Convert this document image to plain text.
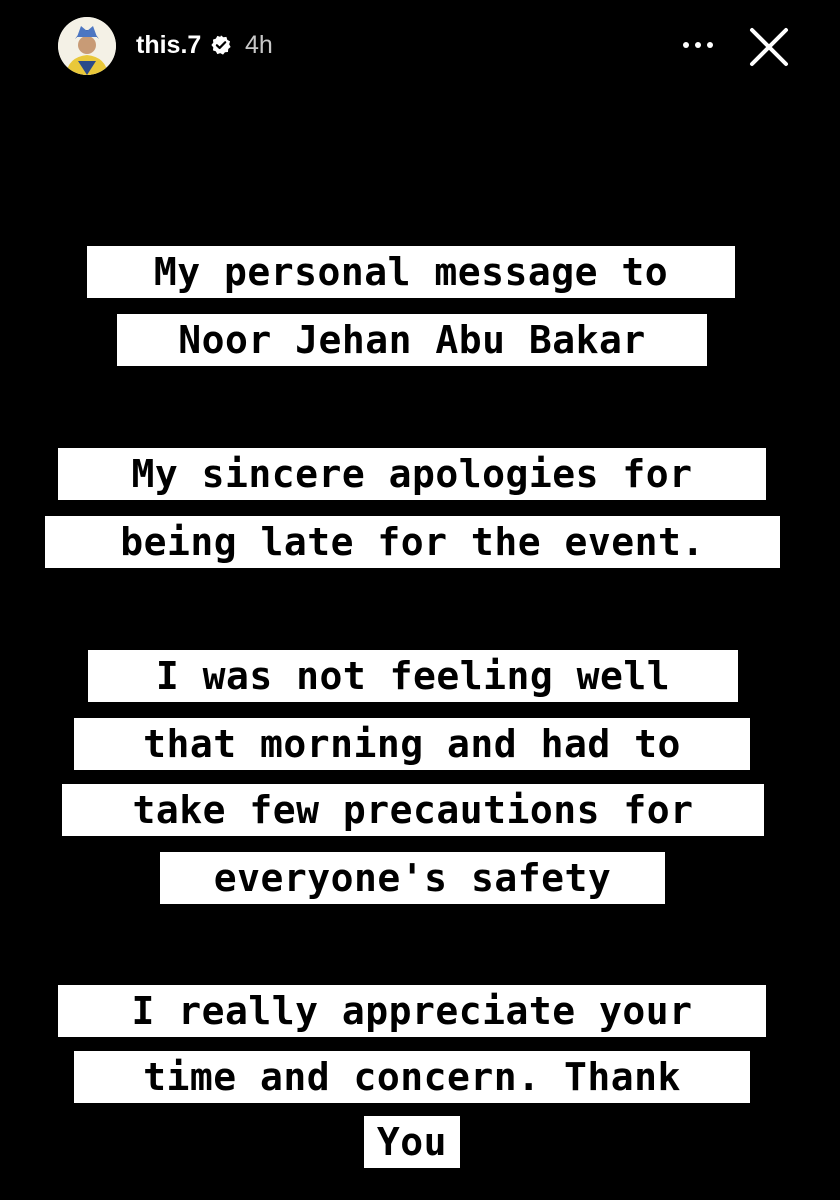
this.7 4h
My personal message to
Noor Jehan Abu Bakar
My sincere apologies for
being late for the event.
I was not feeling well
that morning and had to
take few precautions for
everyone's safety
I really appreciate your
time and concern. Thank
You
